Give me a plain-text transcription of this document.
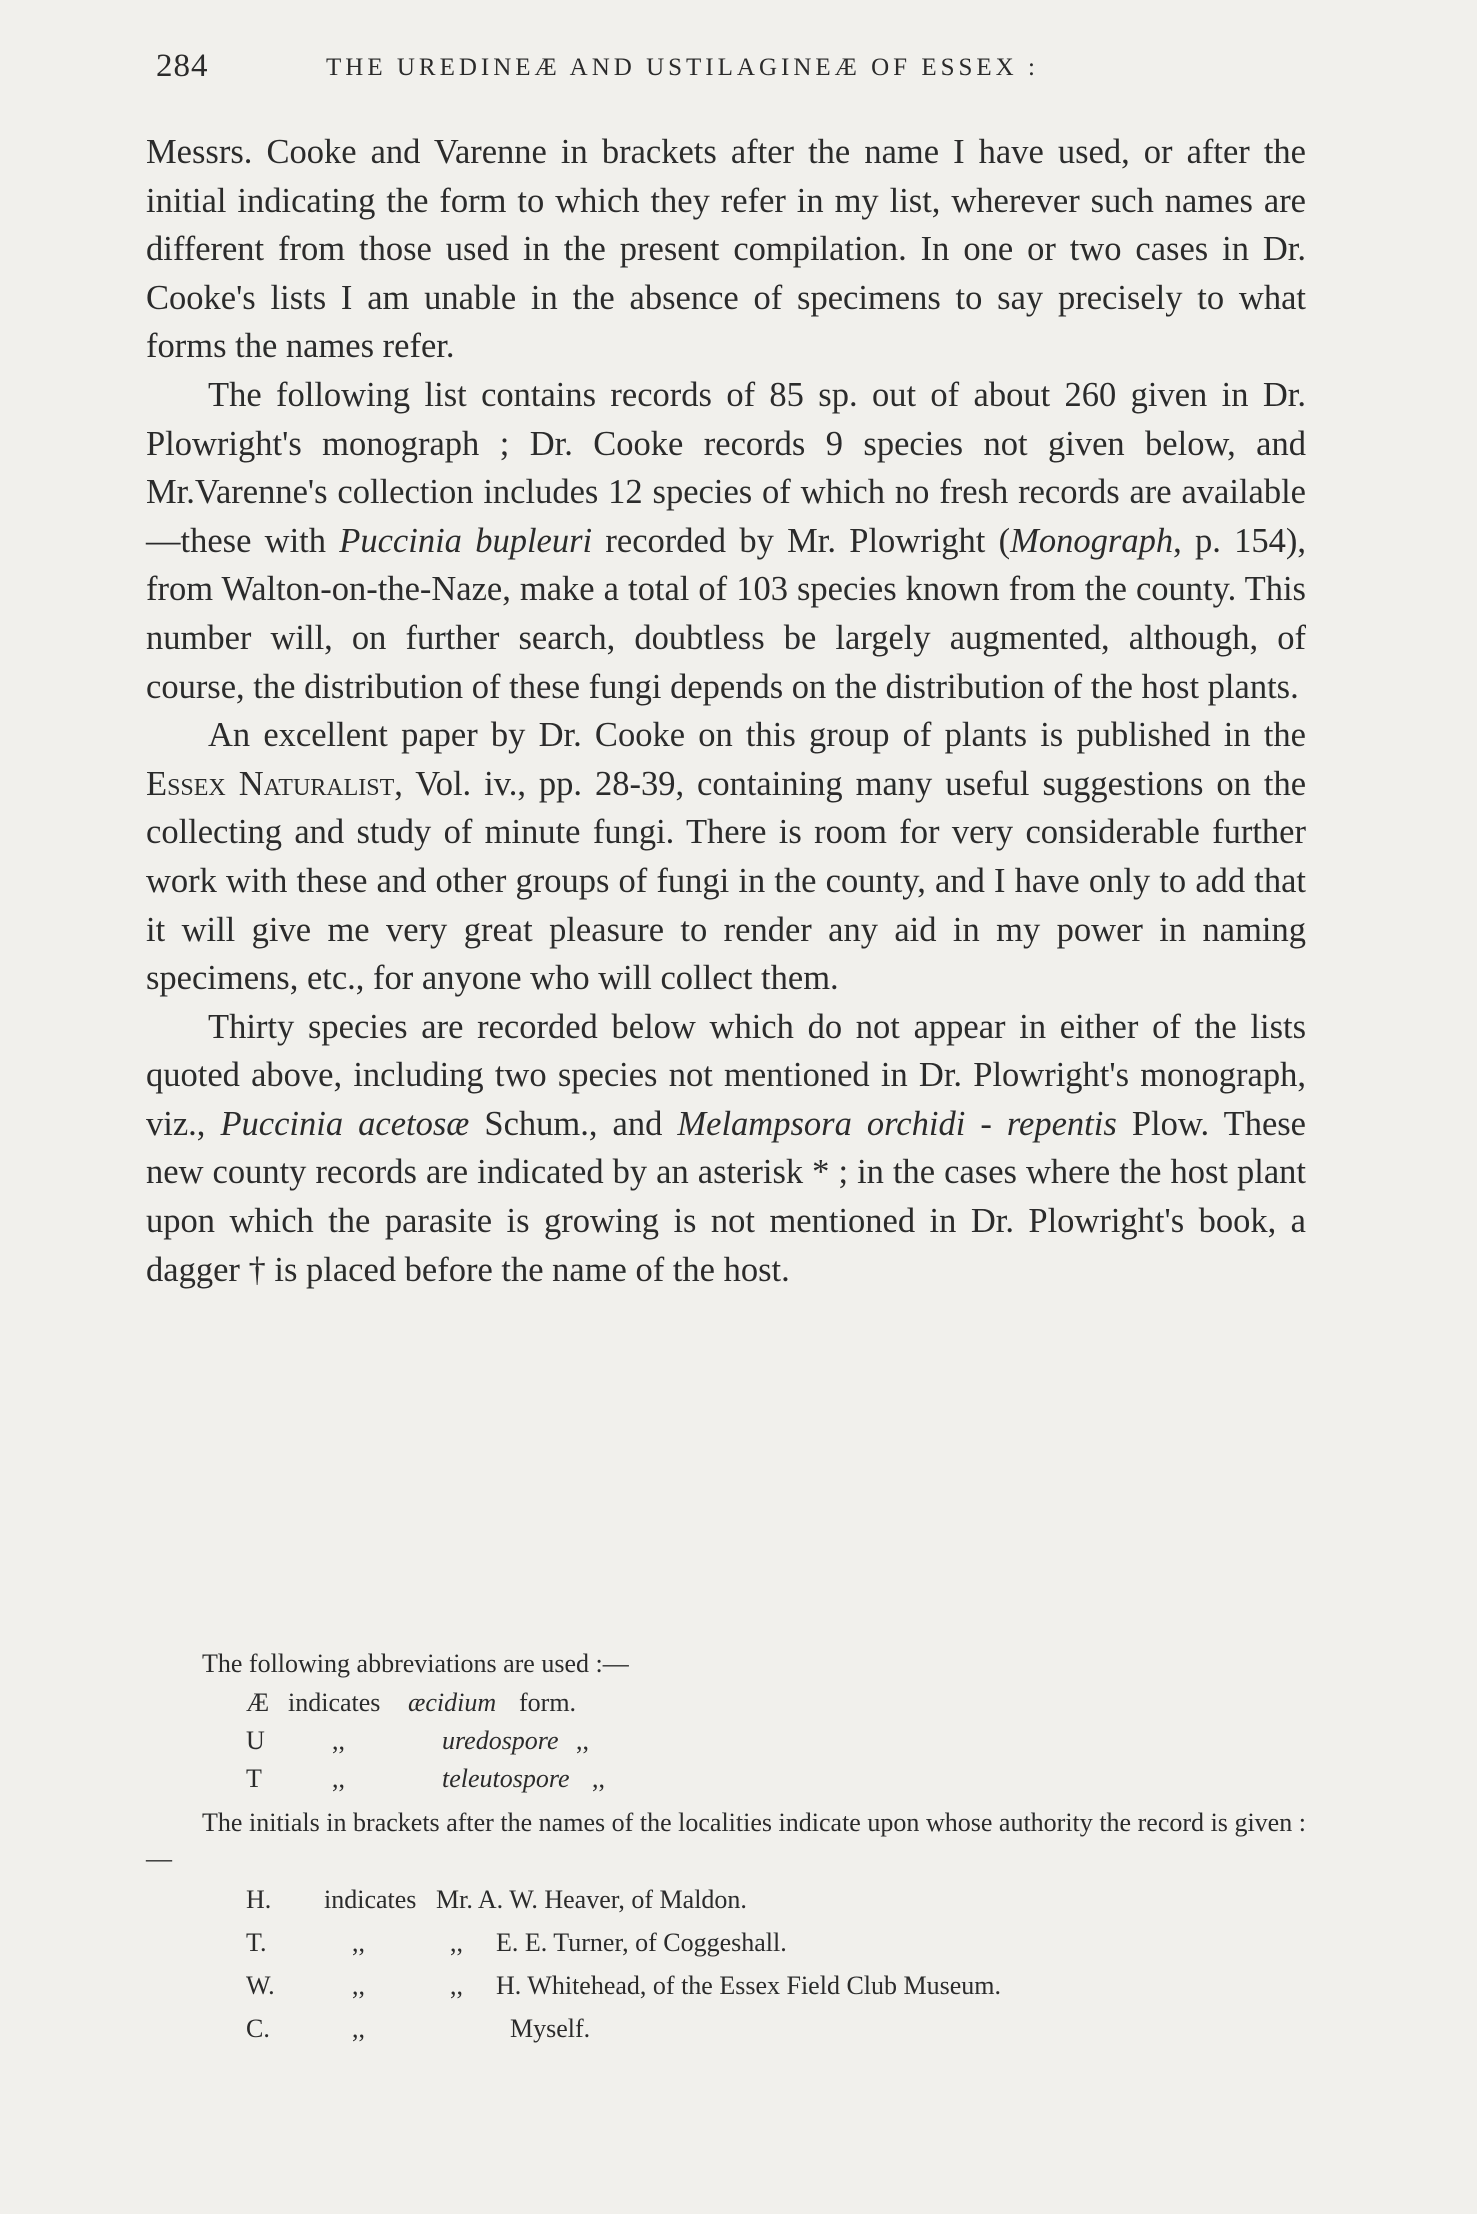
284	THE UREDINEÆ AND USTILAGINEÆ OF ESSEX :

Messrs. Cooke and Varenne in brackets after the name I have used, or after the initial indicating the form to which they refer in my list, wherever such names are different from those used in the present compilation. In one or two cases in Dr. Cooke's lists I am unable in the absence of specimens to say precisely to what forms the names refer.

The following list contains records of 85 sp. out of about 260 given in Dr. Plowright's monograph ; Dr. Cooke records 9 species not given below, and Mr.Varenne's collection includes 12 species of which no fresh records are available—these with Puccinia bupleuri recorded by Mr. Plowright (Monograph, p. 154), from Walton-on-the-Naze, make a total of 103 species known from the county. This number will, on further search, doubtless be largely augmented, although, of course, the distribution of these fungi depends on the distribution of the host plants.

An excellent paper by Dr. Cooke on this group of plants is published in the Essex Naturalist, Vol. iv., pp. 28-39, containing many useful suggestions on the collecting and study of minute fungi. There is room for very considerable further work with these and other groups of fungi in the county, and I have only to add that it will give me very great pleasure to render any aid in my power in naming specimens, etc., for anyone who will collect them.

Thirty species are recorded below which do not appear in either of the lists quoted above, including two species not mentioned in Dr. Plowright's monograph, viz., Puccinia acetosæ Schum., and Melampsora orchidi - repentis Plow. These new county records are indicated by an asterisk * ; in the cases where the host plant upon which the parasite is growing is not mentioned in Dr. Plowright's book, a dagger † is placed before the name of the host.

The following abbreviations are used :—

Æ indicates æcidium form.
U	,,	uredospore ,,
T	,,	teleutospore ,,

The initials in brackets after the names of the localities indicate upon whose authority the record is given :—

H. indicates Mr. A. W. Heaver, of Maldon.
T.	,,	,, E. E. Turner, of Coggeshall.
W.	,,	,, H. Whitehead, of the Essex Field Club Museum.
C.	,,	Myself.
